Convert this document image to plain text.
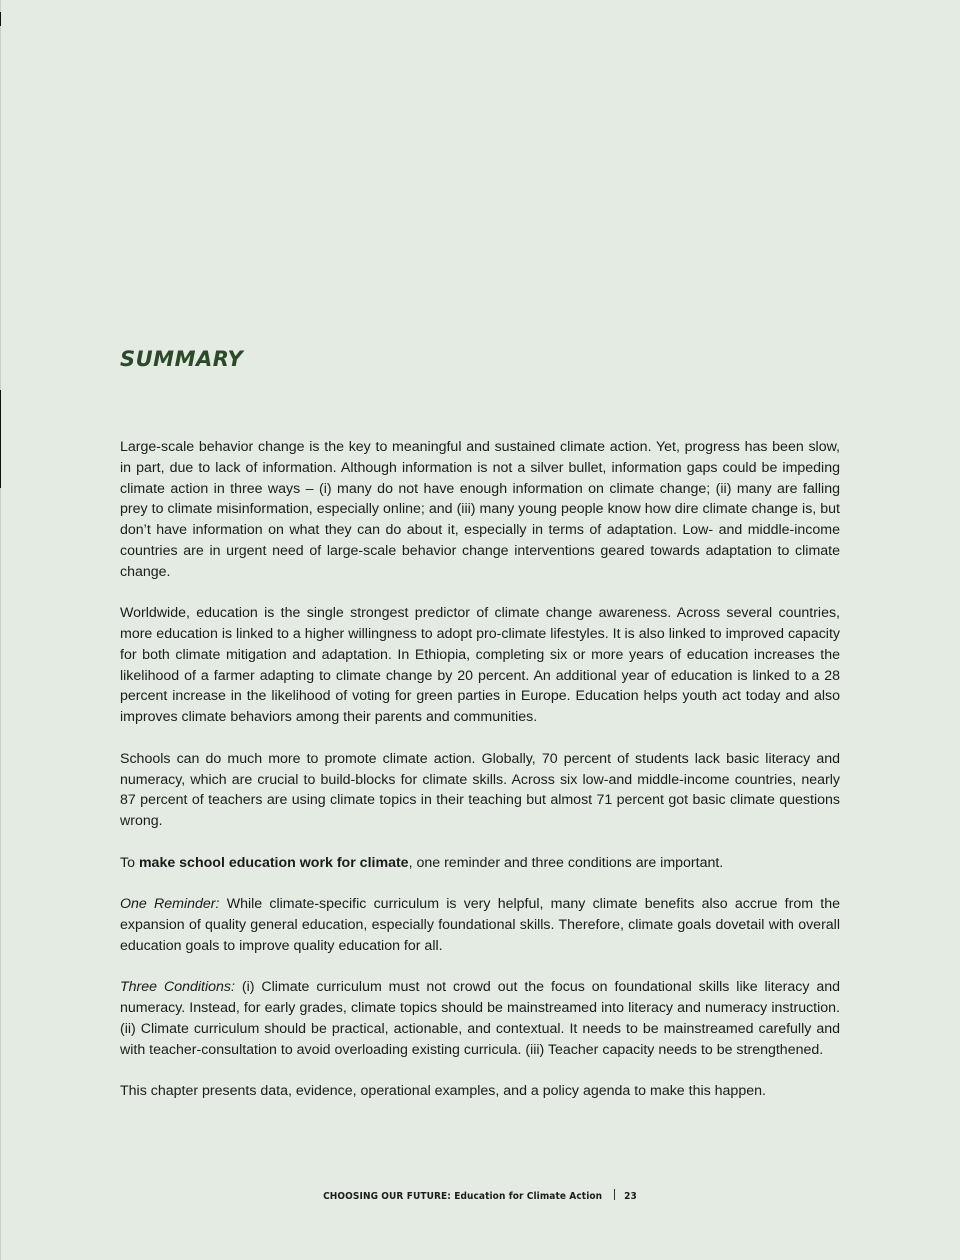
SUMMARY

Large-scale behavior change is the key to meaningful and sustained climate action. Yet, progress has been slow, in part, due to lack of information. Although information is not a silver bullet, information gaps could be impeding climate action in three ways – (i) many do not have enough information on climate change; (ii) many are falling prey to climate misinformation, especially online; and (iii) many young people know how dire climate change is, but don’t have information on what they can do about it, especially in terms of adaptation. Low- and middle-income countries are in urgent need of large-scale behavior change interventions geared towards adaptation to climate change.

Worldwide, education is the single strongest predictor of climate change awareness. Across several countries, more education is linked to a higher willingness to adopt pro-climate lifestyles. It is also linked to improved capacity for both climate mitigation and adaptation. In Ethiopia, completing six or more years of education increases the likelihood of a farmer adapting to climate change by 20 percent. An additional year of education is linked to a 28 percent increase in the likelihood of voting for green parties in Europe. Education helps youth act today and also improves climate behaviors among their parents and communities.

Schools can do much more to promote climate action. Globally, 70 percent of students lack basic literacy and numeracy, which are crucial to build-blocks for climate skills. Across six low-and middle-income countries, nearly 87 percent of teachers are using climate topics in their teaching but almost 71 percent got basic climate questions wrong.

To make school education work for climate, one reminder and three conditions are important.

One Reminder: While climate-specific curriculum is very helpful, many climate benefits also accrue from the expansion of quality general education, especially foundational skills. Therefore, climate goals dovetail with overall education goals to improve quality education for all.

Three Conditions: (i) Climate curriculum must not crowd out the focus on foundational skills like literacy and numeracy. Instead, for early grades, climate topics should be mainstreamed into literacy and numeracy instruction. (ii) Climate curriculum should be practical, actionable, and contextual. It needs to be mainstreamed carefully and with teacher-consultation to avoid overloading existing curricula. (iii) Teacher capacity needs to be strengthened.

This chapter presents data, evidence, operational examples, and a policy agenda to make this happen.

CHOOSING OUR FUTURE: Education for Climate Action 23
